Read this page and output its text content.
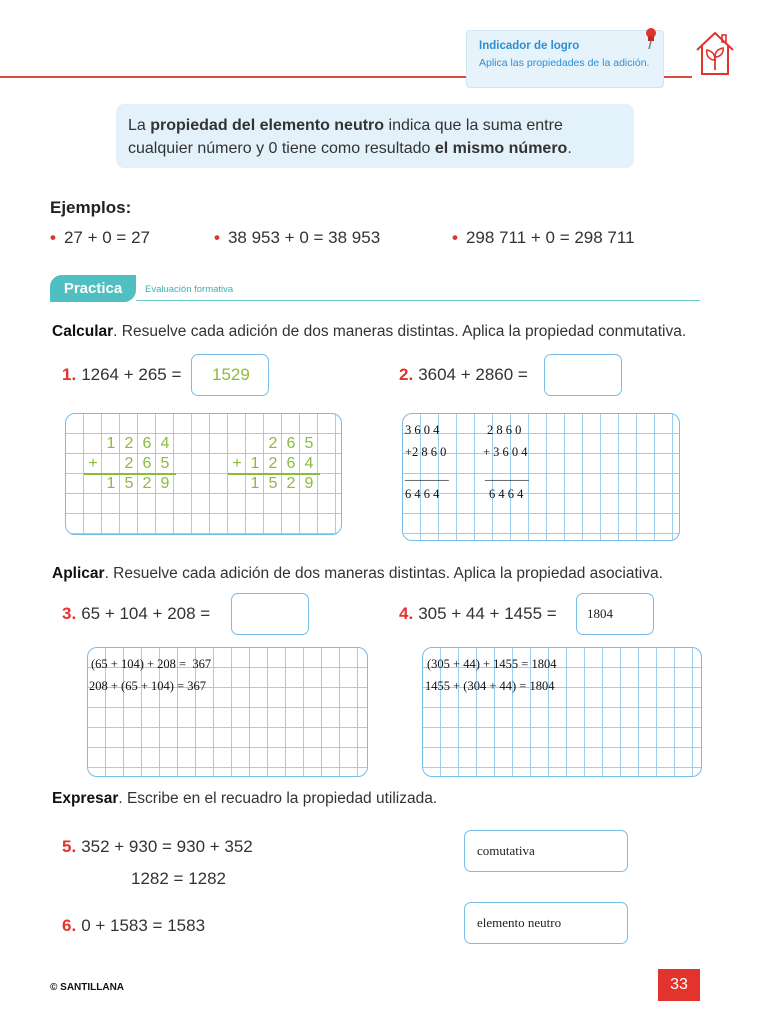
Indicador de logro
Aplica las propiedades de la adición.
La propiedad del elemento neutro indica que la suma entre cualquier número y 0 tiene como resultado el mismo número.
Ejemplos:
• 27 + 0 = 27	• 38 953 + 0 = 38 953	• 298 711 + 0 = 298 711
Practica	Evaluación formativa
Calcular. Resuelve cada adición de dos maneras distintas. Aplica la propiedad conmutativa.
1. 1264 + 265 = 1529
1 2 6 4
+ 2 6 5
1 5 2 9
2 6 5
+ 1 2 6 4
1 5 2 9
2. 3604 + 2860 =
3 6 0 4
+2 8 6 0
_______
6 4 6 4
2 8 6 0
+ 3 6 0 4
_______
6 4 6 4
Aplicar. Resuelve cada adición de dos maneras distintas. Aplica la propiedad asociativa.
3. 65 + 104 + 208 =
(65 + 104) + 208 =  367
208 + (65 + 104) = 367
4. 305 + 44 + 1455 = 1804
(305 + 44) + 1455 = 1804
1455 + (304 + 44) = 1804
Expresar. Escribe en el recuadro la propiedad utilizada.
5. 352 + 930 = 930 + 352
1282 = 1282
comutativa
6. 0 + 1583 = 1583	elemento neutro
© SANTILLANA	33
